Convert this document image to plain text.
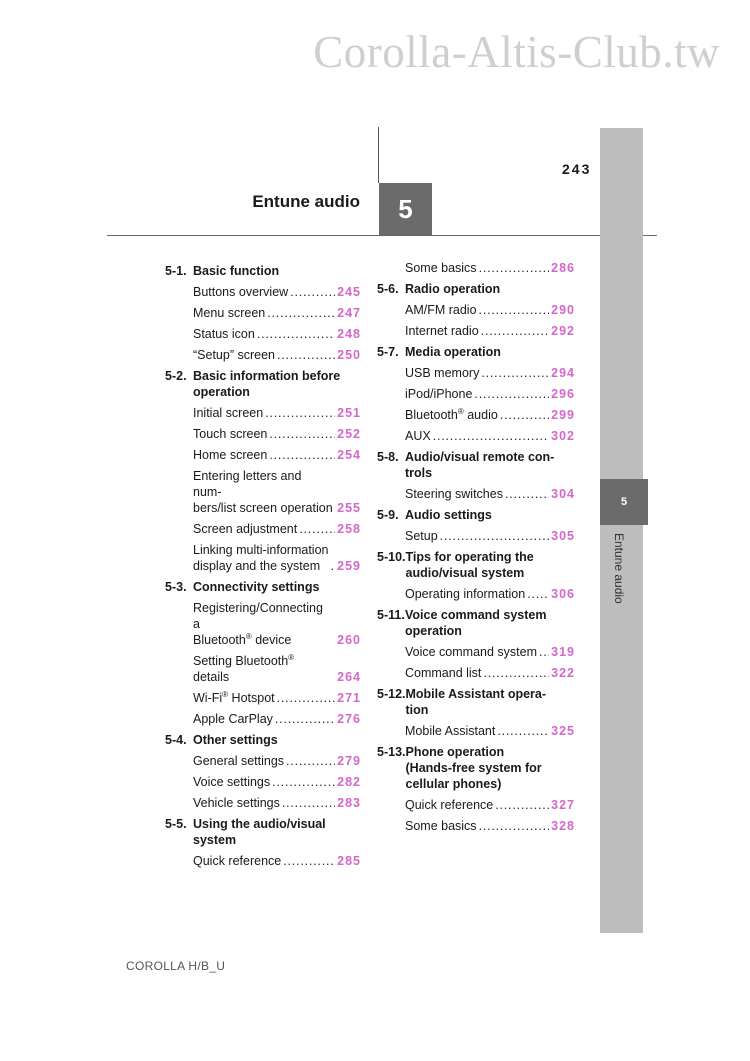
Corolla-Altis-Club.tw
243
Entune audio	5
5
Entune audio
5-1. Basic function
Buttons overview .....	245
Menu screen .....	247
Status icon .....	248
“Setup” screen .....	250
5-2. Basic information before
operation
Initial screen .....	251
Touch screen .....	252
Home screen .....	254
Entering letters and num-
bers/list screen operation 255
Screen adjustment .....	258
Linking multi-information
display and the system .....	259
5-3. Connectivity settings
Registering/Connecting a
Bluetooth® device	260
Setting Bluetooth® details	264
Wi-Fi® Hotspot .....	271
Apple CarPlay .....	276
5-4. Other settings
General settings .....	279
Voice settings .....	282
Vehicle settings .....	283
5-5. Using the audio/visual
system
Quick reference .....	285
Some basics .....	286
5-6. Radio operation
AM/FM radio .....	290
Internet radio .....	292
5-7. Media operation
USB memory .....	294
iPod/iPhone .....	296
Bluetooth® audio .....	299
AUX .....	302
5-8. Audio/visual remote con-
trols
Steering switches .....	304
5-9. Audio settings
Setup .....	305
5-10. Tips for operating the
audio/visual system
Operating information ..... 306
5-11. Voice command system
operation
Voice command system ..... 319
Command list .....	322
5-12. Mobile Assistant opera-
tion
Mobile Assistant .....	325
5-13. Phone operation
(Hands-free system for
cellular phones)
Quick reference .....	327
Some basics .....	328
COROLLA H/B_U
